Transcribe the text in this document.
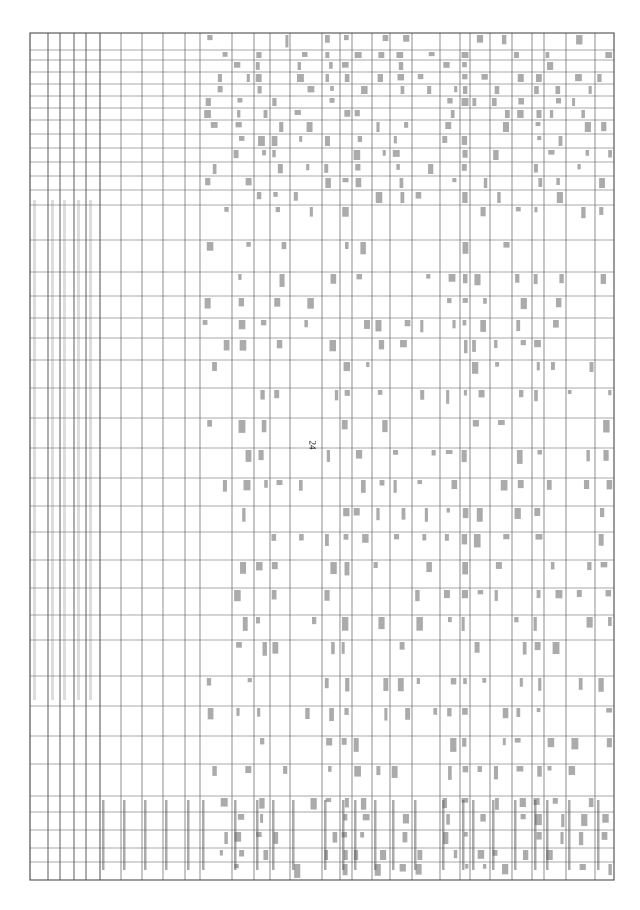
24
